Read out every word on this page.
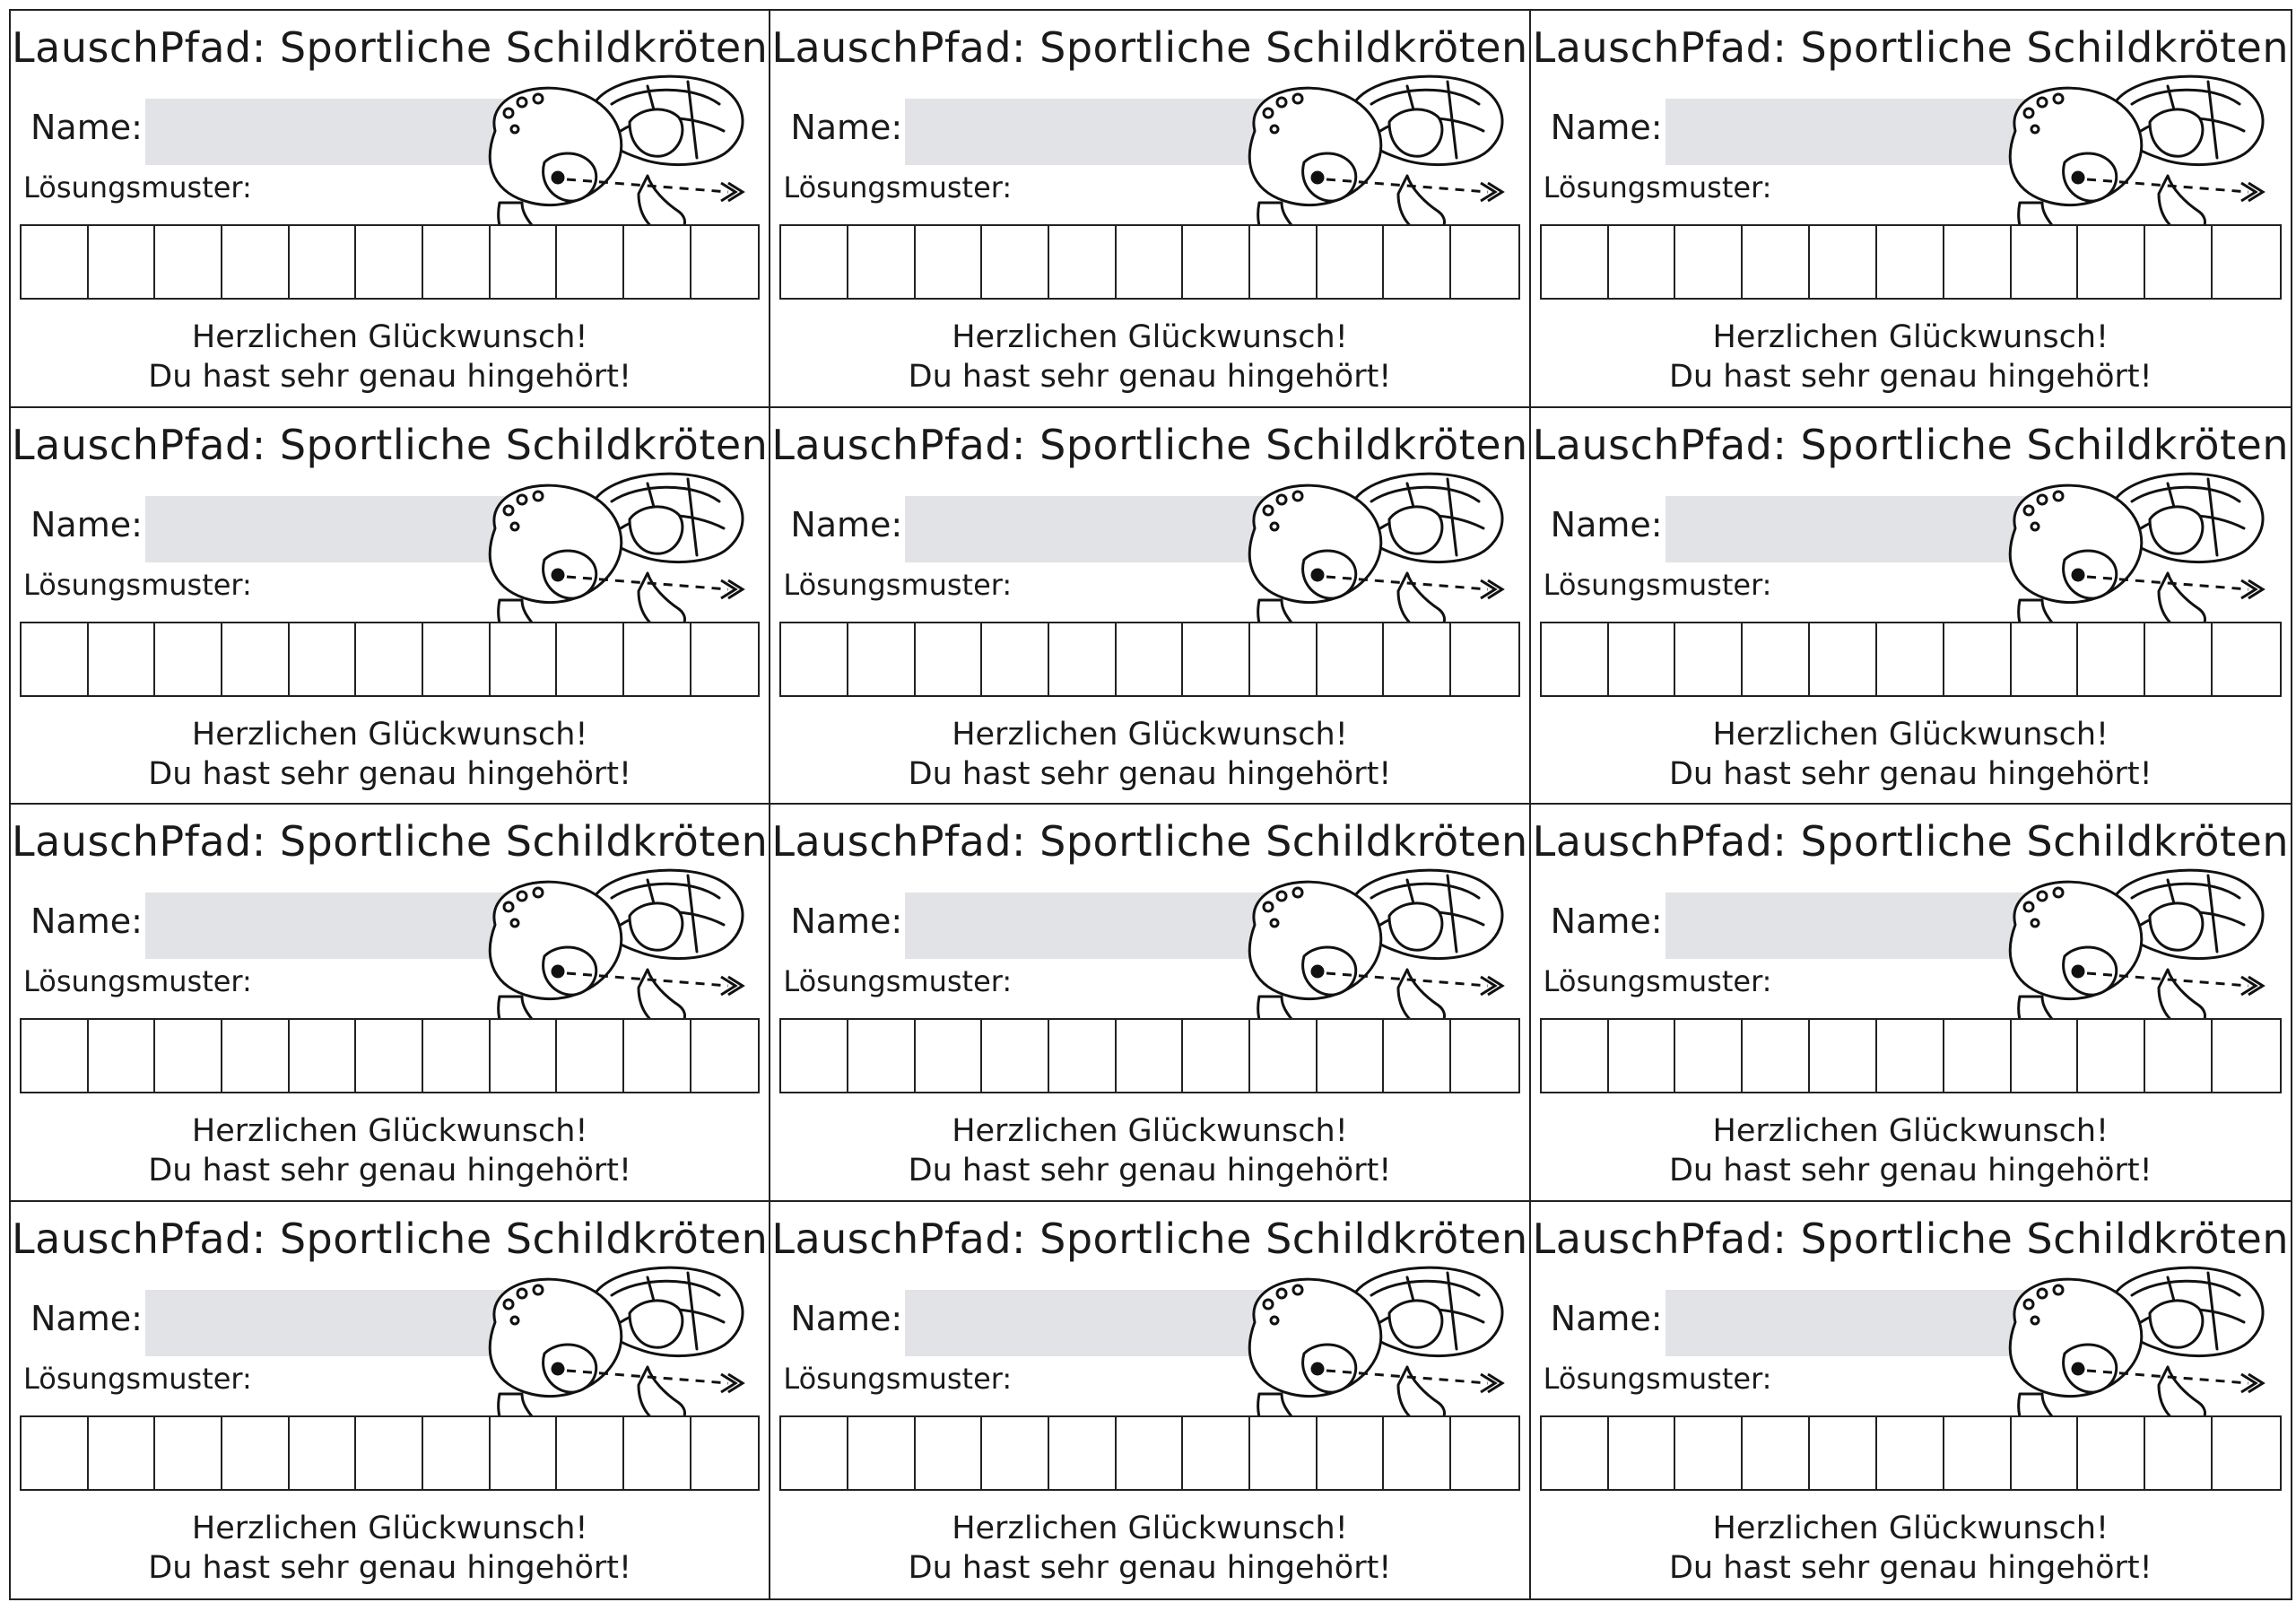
LauschPfad: Sportliche Schildkröten
Name:
Lösungsmuster:
Herzlichen Glückwunsch!
Du hast sehr genau hingehört!
LauschPfad: Sportliche Schildkröten
Name:
Lösungsmuster:
Herzlichen Glückwunsch!
Du hast sehr genau hingehört!
LauschPfad: Sportliche Schildkröten
Name:
Lösungsmuster:
Herzlichen Glückwunsch!
Du hast sehr genau hingehört!
LauschPfad: Sportliche Schildkröten
Name:
Lösungsmuster:
Herzlichen Glückwunsch!
Du hast sehr genau hingehört!
LauschPfad: Sportliche Schildkröten
Name:
Lösungsmuster:
Herzlichen Glückwunsch!
Du hast sehr genau hingehört!
LauschPfad: Sportliche Schildkröten
Name:
Lösungsmuster:
Herzlichen Glückwunsch!
Du hast sehr genau hingehört!
LauschPfad: Sportliche Schildkröten
Name:
Lösungsmuster:
Herzlichen Glückwunsch!
Du hast sehr genau hingehört!
LauschPfad: Sportliche Schildkröten
Name:
Lösungsmuster:
Herzlichen Glückwunsch!
Du hast sehr genau hingehört!
LauschPfad: Sportliche Schildkröten
Name:
Lösungsmuster:
Herzlichen Glückwunsch!
Du hast sehr genau hingehört!
LauschPfad: Sportliche Schildkröten
Name:
Lösungsmuster:
Herzlichen Glückwunsch!
Du hast sehr genau hingehört!
LauschPfad: Sportliche Schildkröten
Name:
Lösungsmuster:
Herzlichen Glückwunsch!
Du hast sehr genau hingehört!
LauschPfad: Sportliche Schildkröten
Name:
Lösungsmuster:
Herzlichen Glückwunsch!
Du hast sehr genau hingehört!
